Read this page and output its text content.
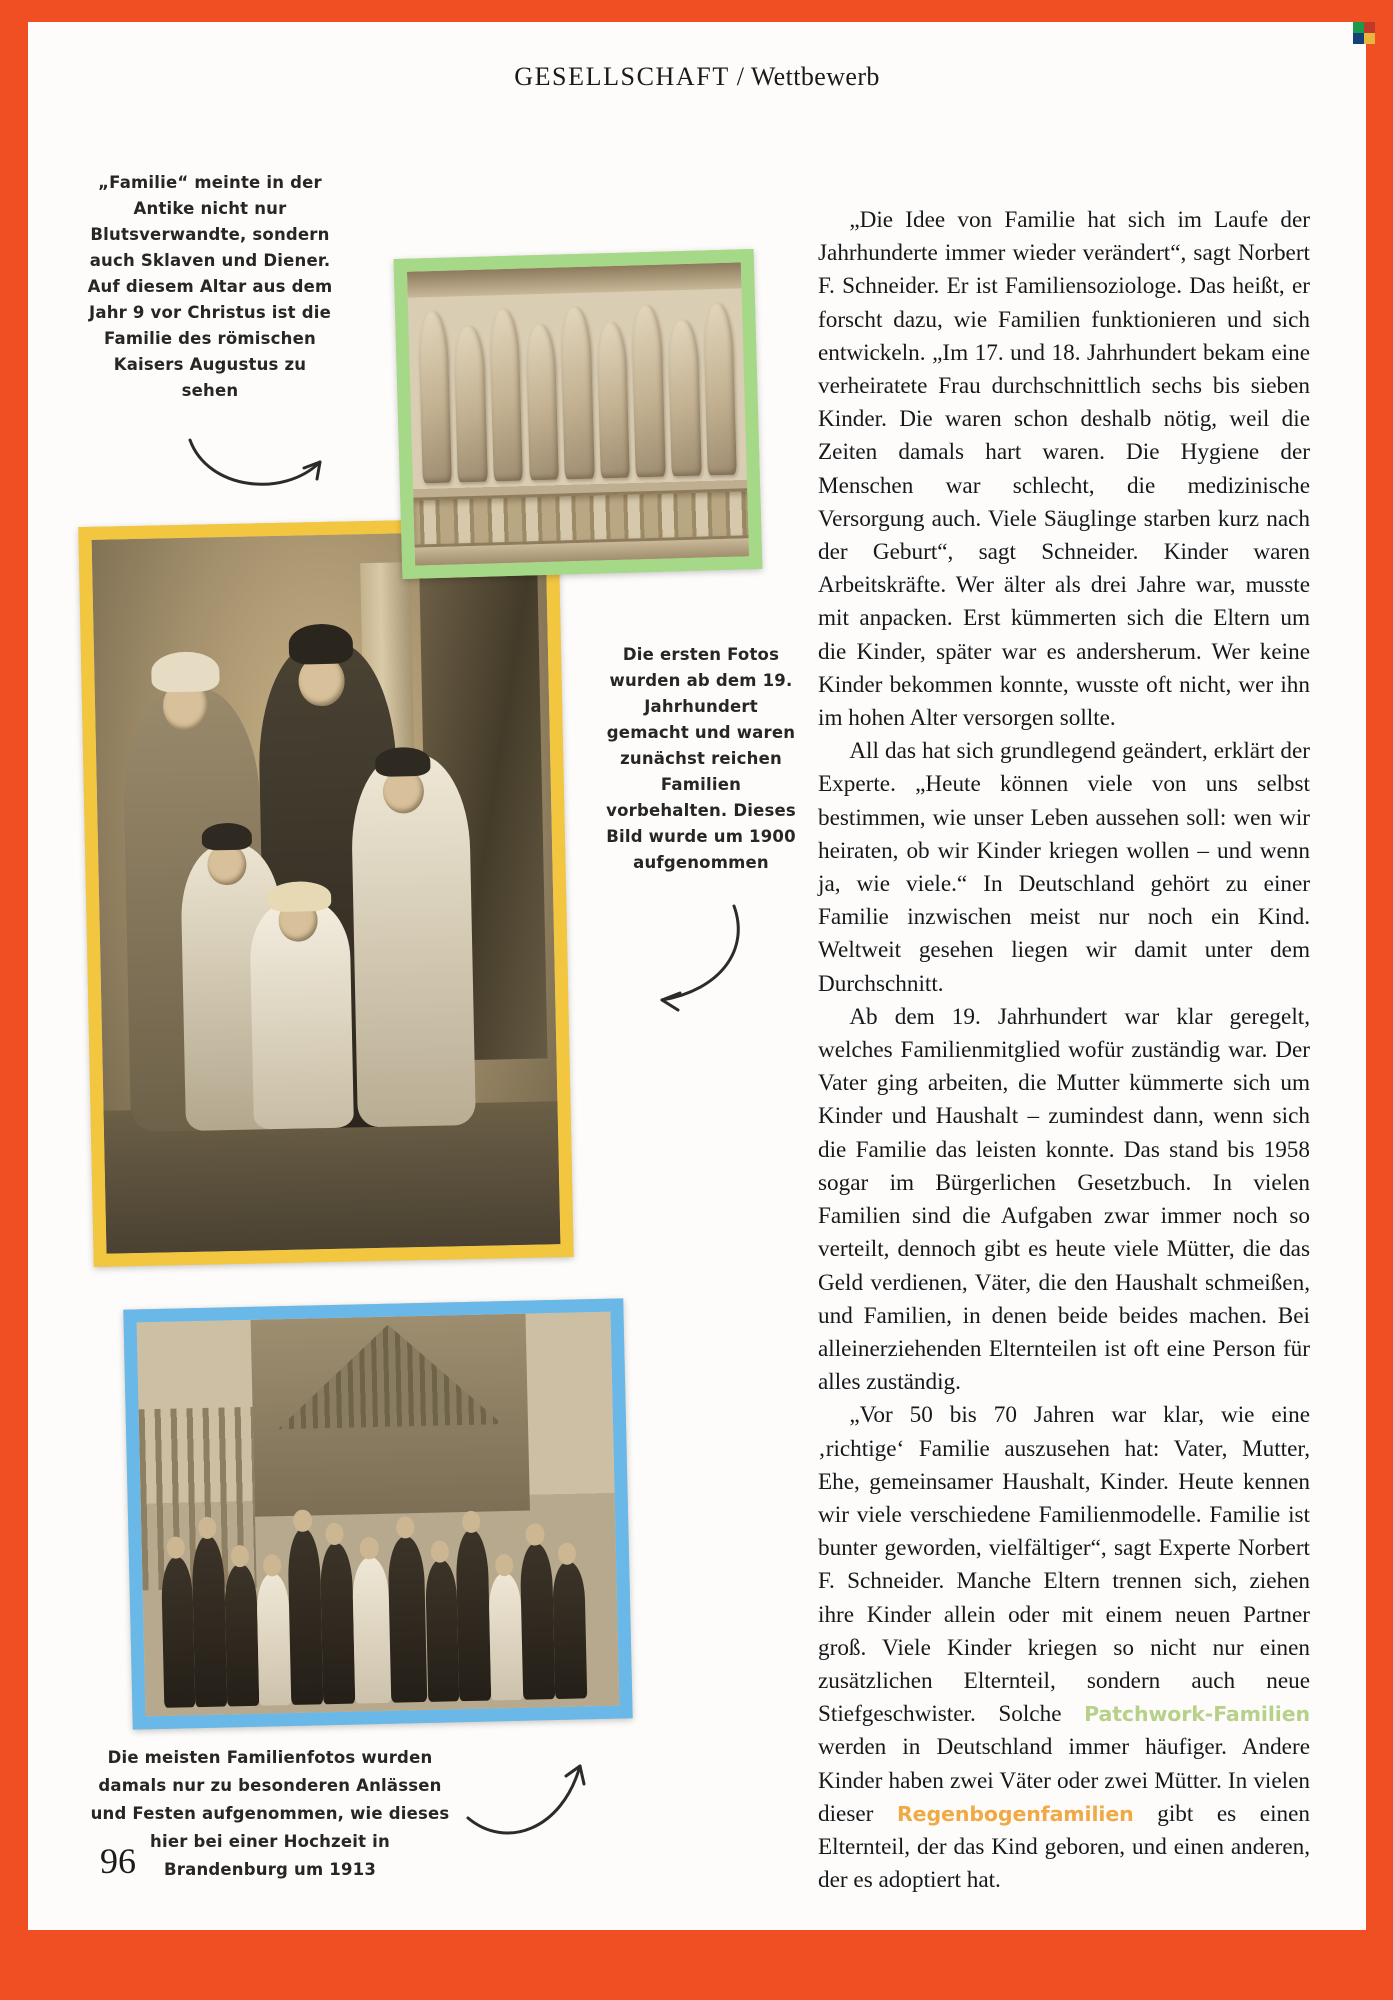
GESELLSCHAFT / Wettbewerb
„Familie“ meinte in der Antike nicht nur Blutsverwandte, sondern auch Sklaven und Diener. Auf diesem Altar aus dem Jahr 9 vor Christus ist die Familie des römischen Kaisers Augustus zu sehen
Die ersten Fotos wurden ab dem 19. Jahrhundert gemacht und waren zunächst reichen Familien vorbehalten. Dieses Bild wurde um 1900 aufgenommen
Die meisten Familienfotos wurden damals nur zu besonderen Anlässen und Festen aufgenommen, wie dieses hier bei einer Hochzeit in Brandenburg um 1913

„Die Idee von Familie hat sich im Laufe der Jahrhunderte immer wieder verändert“, sagt Norbert F. Schneider. Er ist Familiensoziologe. Das heißt, er forscht dazu, wie Familien funktionieren und sich entwickeln. „Im 17. und 18. Jahrhundert bekam eine verheiratete Frau durchschnittlich sechs bis sieben Kinder. Die waren schon deshalb nötig, weil die Zeiten damals hart waren. Die Hygiene der Menschen war schlecht, die medizinische Versorgung auch. Viele Säuglinge starben kurz nach der Geburt“, sagt Schneider. Kinder waren Arbeitskräfte. Wer älter als drei Jahre war, musste mit anpacken. Erst kümmerten sich die Eltern um die Kinder, später war es andersherum. Wer keine Kinder bekommen konnte, wusste oft nicht, wer ihn im hohen Alter versorgen sollte.

All das hat sich grundlegend geändert, erklärt der Experte. „Heute können viele von uns selbst bestimmen, wie unser Leben aussehen soll: wen wir heiraten, ob wir Kinder kriegen wollen – und wenn ja, wie viele.“ In Deutschland gehört zu einer Familie inzwischen meist nur noch ein Kind. Weltweit gesehen liegen wir damit unter dem Durchschnitt.

Ab dem 19. Jahrhundert war klar geregelt, welches Familienmitglied wofür zuständig war. Der Vater ging arbeiten, die Mutter kümmerte sich um Kinder und Haushalt – zumindest dann, wenn sich die Familie das leisten konnte. Das stand bis 1958 sogar im Bürgerlichen Gesetzbuch. In vielen Familien sind die Aufgaben zwar immer noch so verteilt, dennoch gibt es heute viele Mütter, die das Geld verdienen, Väter, die den Haushalt schmeißen, und Familien, in denen beide beides machen. Bei alleinerziehenden Elternteilen ist oft eine Person für alles zuständig.

„Vor 50 bis 70 Jahren war klar, wie eine ‚richtige‘ Familie auszusehen hat: Vater, Mutter, Ehe, gemeinsamer Haushalt, Kinder. Heute kennen wir viele verschiedene Familienmodelle. Familie ist bunter geworden, vielfältiger“, sagt Experte Norbert F. Schneider. Manche Eltern trennen sich, ziehen ihre Kinder allein oder mit einem neuen Partner groß. Viele Kinder kriegen so nicht nur einen zusätzlichen Elternteil, sondern auch neue Stiefgeschwister. Solche Patchwork-Familien werden in Deutschland immer häufiger. Andere Kinder haben zwei Väter oder zwei Mütter. In vielen dieser Regenbogenfamilien gibt es einen Elternteil, der das Kind geboren, und einen anderen, der es adoptiert hat.

96
